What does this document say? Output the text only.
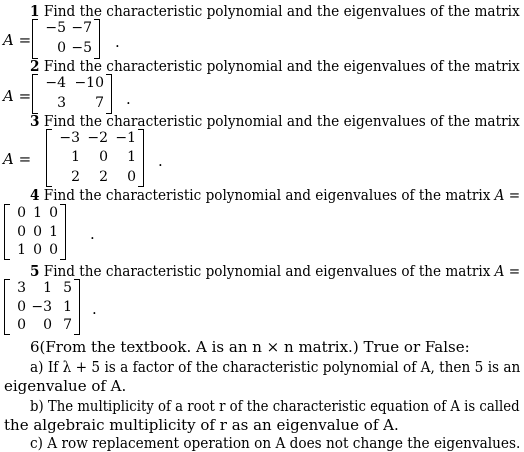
1 Find the characteristic polynomial and the eigenvalues of the matrix
A =
−5 −7
0 −5 .
2 Find the characteristic polynomial and the eigenvalues of the matrix
A =
−4 −10
3	7 .
3 Find the characteristic polynomial and the eigenvalues of the matrix
A =
−3 −2 −1
1	0	1
2	2	0
.
4 Find the characteristic polynomial and eigenvalues of the matrix A =
0 1 0
0 0 1
1 0 0
.
5 Find the characteristic polynomial and eigenvalues of the matrix A =
3	1 5
0 −3 1
0	0 7
.
6(From the textbook. A is an n × n matrix.) True or False:
a) If λ + 5 is a factor of the characteristic polynomial of A, then 5 is an
eigenvalue of A.
b) The multiplicity of a root r of the characteristic equation of A is called
the algebraic multiplicity of r as an eigenvalue of A.
c) A row replacement operation on A does not change the eigenvalues.
